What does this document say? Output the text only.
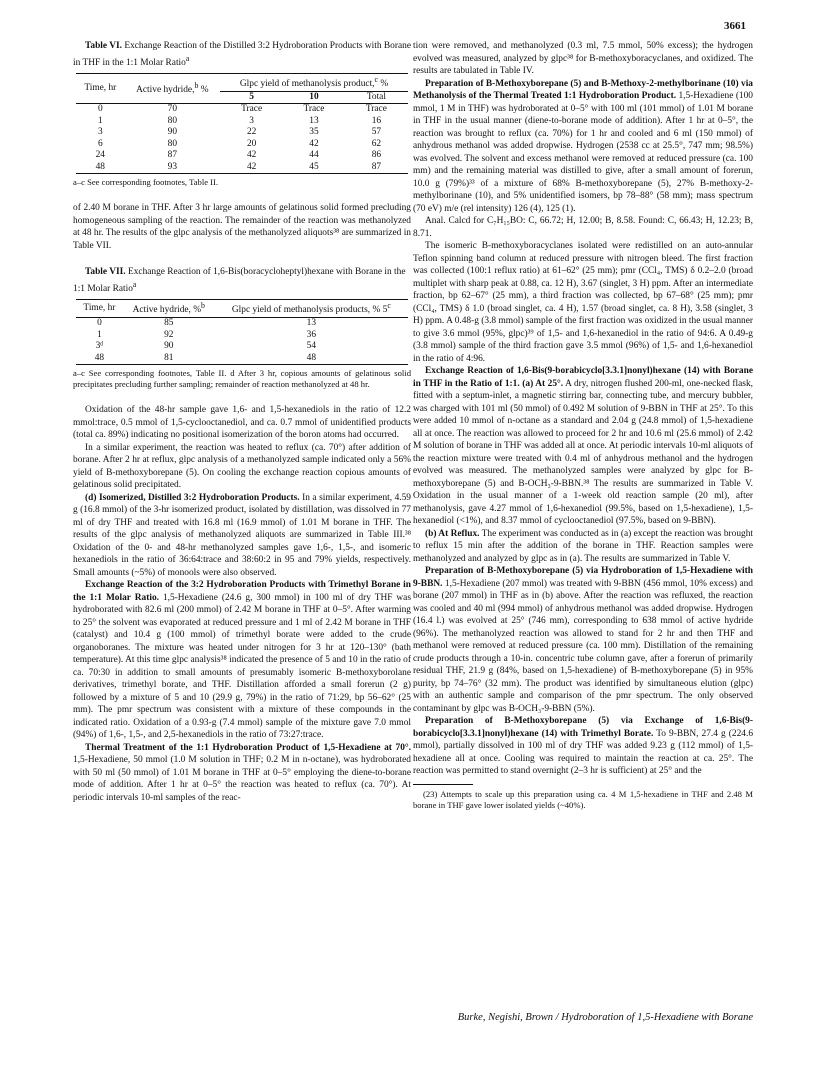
3661

Table VI. Exchange Reaction of the Distilled 3:2 Hydroboration Products with Borane in THF in the 1:1 Molar Ratio$^a$

Time, hr	Active hydride,$^b$ %	Glpc yield of methanolysis product,$^c$ %		
		5	10	Total
0	70	Trace	Trace	Trace
1	80	3	13	16
3	90	22	35	57
6	80	20	42	62
24	87	42	44	86
48	93	42	45	87
a–c See corresponding footnotes, Table II.

of 2.40 M borane in THF. After 3 hr large amounts of gelatinous solid formed precluding homogeneous sampling of the reaction. The remainder of the reaction was methanolyzed at 48 hr. The results of the glpc analysis of the methanolyzed aliquots³⁸ are summarized in Table VII.

Table VII. Exchange Reaction of 1,6-Bis(boracycloheptyl)hexane with Borane in the 1:1 Molar Ratio$^a$

Time, hr	Active hydride, %$^b$	Glpc yield of methanolysis products, % 5$^c$
0	85	13
1	92	36
3ᵈ	90	54
48	81	48
a–c See corresponding footnotes, Table II. d After 3 hr, copious amounts of gelatinous solid precipitates precluding further sampling; remainder of reaction methanolyzed at 48 hr.

Oxidation of the 48-hr sample gave 1,6- and 1,5-hexanediols in the ratio of 12.2 mmol:trace, 0.5 mmol of 1,5-cyclooctanediol, and ca. 0.7 mmol of unidentified products (total ca. 89%) indicating no positional isomerization of the boron atoms had occurred.

In a similar experiment, the reaction was heated to reflux (ca. 70°) after addition of borane. After 2 hr at reflux, glpc analysis of a methanolyzed sample indicated only a 56% yield of B-methoxyborepane (5). On cooling the exchange reaction copious amounts of gelatinous solid precipitated.

(d) Isomerized, Distilled 3:2 Hydroboration Products. In a similar experiment, 4.59 g (16.8 mmol) of the 3-hr isomerized product, isolated by distillation, was dissolved in 77 ml of dry THF and treated with 16.8 ml (16.9 mmol) of 1.01 M borane in THF. The results of the glpc analysis of methanolyzed aliquots are summarized in Table III.³⁸ Oxidation of the 0- and 48-hr methanolyzed samples gave 1,6-, 1,5-, and isomeric hexanediols in the ratio of 36:64:trace and 38:60:2 in 95 and 79% yields, respectively. Small amounts (~5%) of monools were also observed.

Exchange Reaction of the 3:2 Hydroboration Products with Trimethyl Borane in the 1:1 Molar Ratio. 1,5-Hexadiene (24.6 g, 300 mmol) in 100 ml of dry THF was hydroborated with 82.6 ml (200 mmol) of 2.42 M borane in THF at 0–5°. After warming to 25° the solvent was evaporated at reduced pressure and 1 ml of 2.42 M borane in THF (catalyst) and 10.4 g (100 mmol) of trimethyl borate were added to the crude organoboranes. The mixture was heated under nitrogen for 3 hr at 120–130° (bath temperature). At this time glpc analysis³⁸ indicated the presence of 5 and 10 in the ratio of ca. 70:30 in addition to small amounts of presumably isomeric B-methoxyborolane derivatives, trimethyl borate, and THF. Distillation afforded a small forerun (2 g) followed by a mixture of 5 and 10 (29.9 g, 79%) in the ratio of 71:29, bp 56–62° (25 mm). The pmr spectrum was consistent with a mixture of these compounds in the indicated ratio. Oxidation of a 0.93-g (7.4 mmol) sample of the mixture gave 7.0 mmol (94%) of 1,6-, 1,5-, and 2,5-hexanediols in the ratio of 73:27:trace.

Thermal Treatment of the 1:1 Hydroboration Product of 1,5-Hexadiene at 70°. 1,5-Hexadiene, 50 mmol (1.0 M solution in THF; 0.2 M in n-octane), was hydroborated with 50 ml (50 mmol) of 1.01 M borane in THF at 0–5° employing the diene-to-borane mode of addition. After 1 hr at 0–5° the reaction was heated to reflux (ca. 70°). At periodic intervals 10-ml samples of the reac-

tion were removed, and methanolyzed (0.3 ml, 7.5 mmol, 50% excess); the hydrogen evolved was measured, analyzed by glpc³⁸ for B-methoxyboracyclanes, and oxidized. The results are tabulated in Table IV.

Preparation of B-Methoxyborepane (5) and B-Methoxy-2-methylborinane (10) via Methanolysis of the Thermal Treated 1:1 Hydroboration Product. 1,5-Hexadiene (100 mmol, 1 M in THF) was hydroborated at 0–5° with 100 ml (101 mmol) of 1.01 M borane in THF in the usual manner (diene-to-borane mode of addition). After 1 hr at 0–5°, the reaction was brought to reflux (ca. 70%) for 1 hr and cooled and 6 ml (150 mmol) of anhydrous methanol was added dropwise. Hydrogen (2538 cc at 25.5°, 747 mm; 98.5%) was evolved. The solvent and excess methanol were removed at reduced pressure (ca. 100 mm) and the remaining material was distilled to give, after a small amount of forerun, 10.0 g (79%)³³ of a mixture of 68% B-methoxyborepane (5), 27% B-methoxy-2-methylborinane (10), and 5% unidentified isomers, bp 78–88° (58 mm); mass spectrum (70 eV) m/e (rel intensity) 126 (4), 125 (1).

Anal. Calcd for C₇H₁₅BO: C, 66.72; H, 12.00; B, 8.58. Found: C, 66.43; H, 12.23; B, 8.71.

The isomeric B-methoxyboracyclanes isolated were redistilled on an auto-annular Teflon spinning band column at reduced pressure with nitrogen bleed. The first fraction was collected (100:1 reflux ratio) at 61–62° (25 mm); pmr (CCl₄, TMS) δ 0.2–2.0 (broad multiplet with sharp peak at 0.88, ca. 12 H), 3.67 (singlet, 3 H) ppm. After an intermediate fraction, bp 62–67° (25 mm), a third fraction was collected, bp 67–68° (25 mm); pmr (CCl₄, TMS) δ 1.0 (broad singlet, ca. 4 H), 1.57 (broad singlet, ca. 8 H), 3.58 (singlet, 3 H) ppm. A 0.48-g (3.8 mmol) sample of the first fraction was oxidized in the usual manner to give 3.6 mmol (95%, glpc)³⁹ of 1,5- and 1,6-hexanediol in the ratio of 94:6. A 0.49-g (3.8 mmol) sample of the third fraction gave 3.5 mmol (96%) of 1,5- and 1,6-hexanediol in the ratio of 4:96.

Exchange Reaction of 1,6-Bis(9-borabicyclo[3.3.1]nonyl)hexane (14) with Borane in THF in the Ratio of 1:1. (a) At 25°. A dry, nitrogen flushed 200-ml, one-necked flask, fitted with a septum-inlet, a magnetic stirring bar, connecting tube, and mercury bubbler, was charged with 101 ml (50 mmol) of 0.492 M solution of 9-BBN in THF at 25°. To this were added 10 mmol of n-octane as a standard and 2.04 g (24.8 mmol) of 1,5-hexadiene all at once. The reaction was allowed to proceed for 2 hr and 10.6 ml (25.6 mmol) of 2.42 M solution of borane in THF was added all at once. At periodic intervals 10-ml aliquots of the reaction mixture were treated with 0.4 ml of anhydrous methanol and the hydrogen evolved was measured. The methanolyzed samples were analyzed by glpc for B-methoxyborepane (5) and B-OCH₃-9-BBN.³⁸ The results are summarized in Table V. Oxidation in the usual manner of a 1-week old reaction sample (20 ml), after methanolysis, gave 4.27 mmol of 1,6-hexanediol (99.5%, based on 1,5-hexadiene), 1,5-hexanediol (<1%), and 8.37 mmol of cyclooctanediol (97.5%, based on 9-BBN).

(b) At Reflux. The experiment was conducted as in (a) except the reaction was brought to reflux 15 min after the addition of the borane in THF. Reaction samples were methanolyzed and analyzed by glpc as in (a). The results are summarized in Table V.

Preparation of B-Methoxyborepane (5) via Hydroboration of 1,5-Hexadiene with 9-BBN. 1,5-Hexadiene (207 mmol) was treated with 9-BBN (456 mmol, 10% excess) and borane (207 mmol) in THF as in (b) above. After the reaction was refluxed, the reaction was cooled and 40 ml (994 mmol) of anhydrous methanol was added dropwise. Hydrogen (16.4 l.) was evolved at 25° (746 mm), corresponding to 638 mmol of active hydride (96%). The methanolyzed reaction was allowed to stand for 2 hr and then THF and methanol were removed at reduced pressure (ca. 100 mm). Distillation of the remaining crude products through a 10-in. concentric tube column gave, after a forerun of primarily residual THF, 21.9 g (84%, based on 1,5-hexadiene) of B-methoxyborepane (5) in 95% purity, bp 74–76° (32 mm). The product was identified by simultaneous elution (glpc) with an authentic sample and comparison of the pmr spectrum. The only observed contaminant by glpc was B-OCH₃-9-BBN (5%).

Preparation of B-Methoxyborepane (5) via Exchange of 1,6-Bis(9-borabicyclo[3.3.1]nonyl)hexane (14) with Trimethyl Borate. To 9-BBN, 27.4 g (224.6 mmol), partially dissolved in 100 ml of dry THF was added 9.23 g (112 mmol) of 1,5-hexadiene all at once. Cooling was required to maintain the reaction at ca. 25°. The reaction was permitted to stand overnight (2–3 hr is sufficient) at 25° and the

(23) Attempts to scale up this preparation using ca. 4 M 1,5-hexadiene in THF and 2.48 M borane in THF gave lower isolated yields (~40%).

Burke, Negishi, Brown / Hydroboration of 1,5-Hexadiene with Borane
